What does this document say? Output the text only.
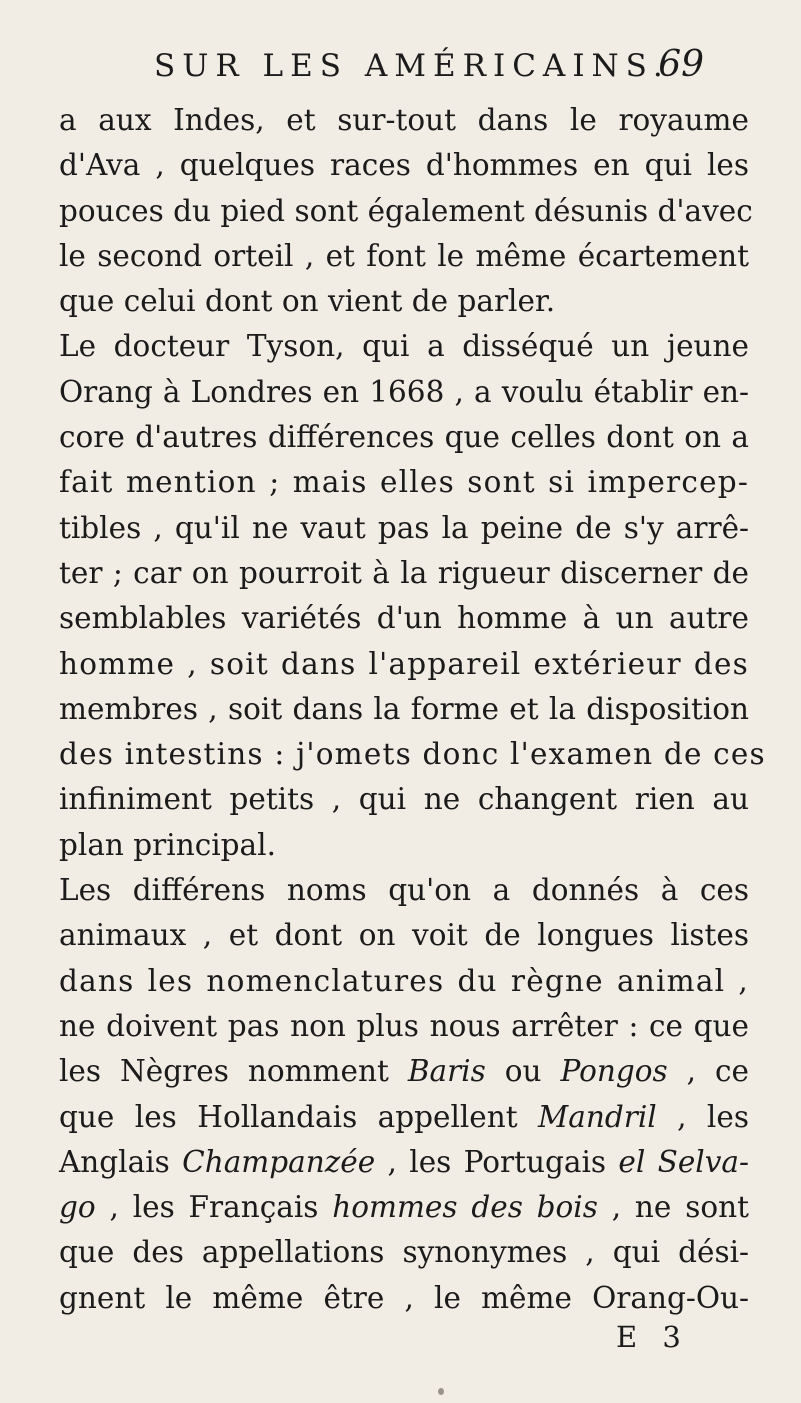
SUR LES AMÉRICAINS.
69
a aux Indes, et sur-tout dans le royaume
d'Ava , quelques races d'hommes en qui les
pouces du pied sont également désunis d'avec
le second orteil , et font le même écartement
que celui dont on vient de parler.
Le docteur Tyson, qui a disséqué un jeune
Orang à Londres en 1668 , a voulu établir en-
core d'autres différences que celles dont on a
fait mention ; mais elles sont si impercep-
tibles , qu'il ne vaut pas la peine de s'y arrê-
ter ; car on pourroit à la rigueur discerner de
semblables variétés d'un homme à un autre
homme , soit dans l'appareil extérieur des
membres , soit dans la forme et la disposition
des intestins : j'omets donc l'examen de ces
infiniment petits , qui ne changent rien au
plan principal.
Les différens noms qu'on a donnés à ces
animaux , et dont on voit de longues listes
dans les nomenclatures du règne animal ,
ne doivent pas non plus nous arrêter : ce que
les Nègres nomment Baris ou Pongos , ce
que les Hollandais appellent Mandril , les
Anglais Champanzée , les Portugais el Selva-
go , les Français hommes des bois , ne sont
que des appellations synonymes , qui dési-
gnent le même être , le même Orang-Ou-
E 3
